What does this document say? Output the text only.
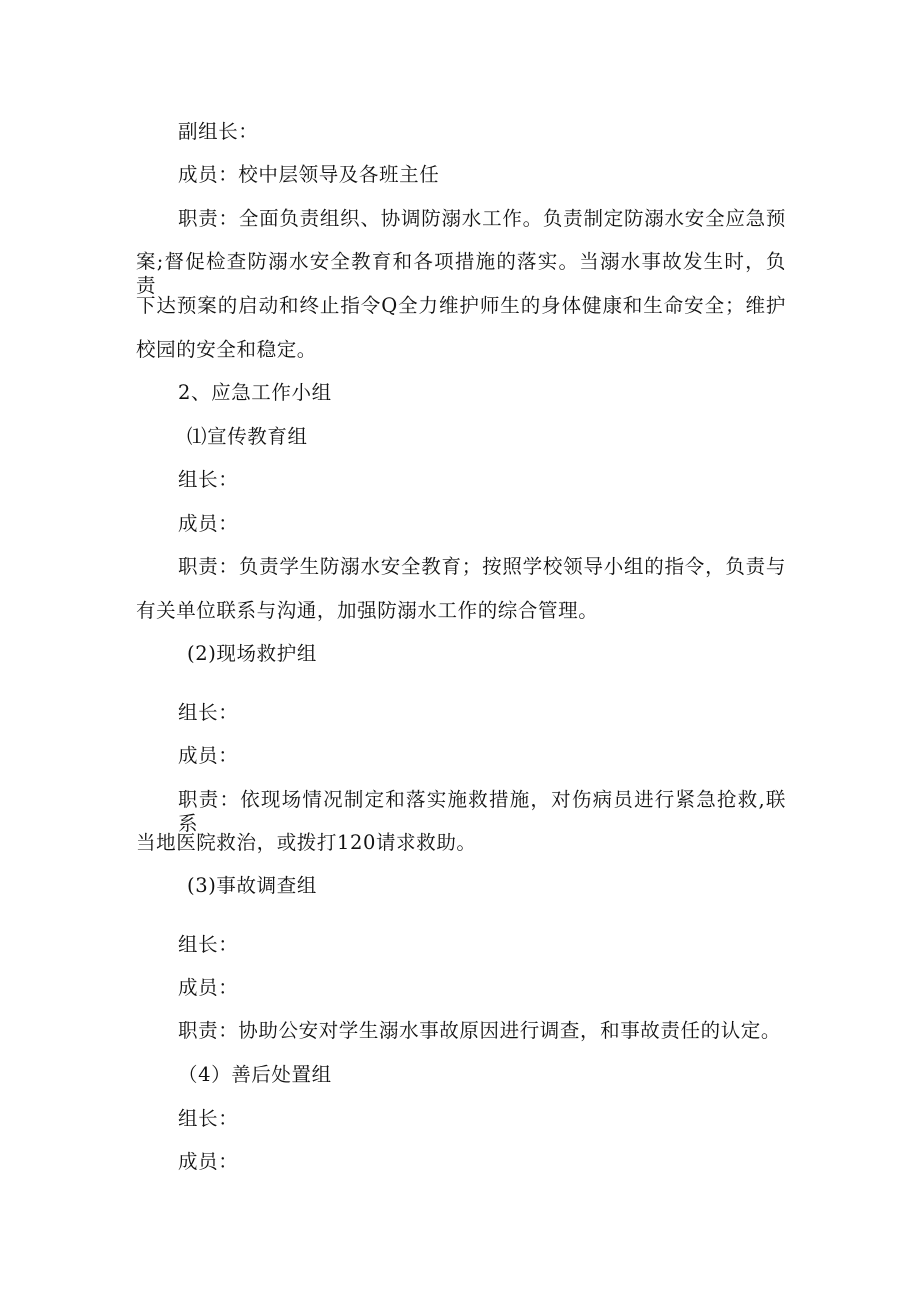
副组长：
成员：校中层领导及各班主任
职责：全面负责组织、协调防溺水工作。负责制定防溺水安全应急预
案;督促检查防溺水安全教育和各项措施的落实。当溺水事故发生时，负责
下达预案的启动和终止指令Q全力维护师生的身体健康和生命安全；维护
校园的安全和稳定。
2、应急工作小组
⑴宣传教育组
组长：
成员：
职责：负责学生防溺水安全教育；按照学校领导小组的指令，负责与
有关单位联系与沟通，加强防溺水工作的综合管理。
(2)现场救护组
组长：
成员：
职责：依现场情况制定和落实施救措施，对伤病员进行紧急抢救,联系
当地医院救治，或拨打120请求救助。
(3)事故调查组
组长：
成员：
职责：协助公安对学生溺水事故原因进行调查，和事故责任的认定。
（4）善后处置组
组长：
成员：
